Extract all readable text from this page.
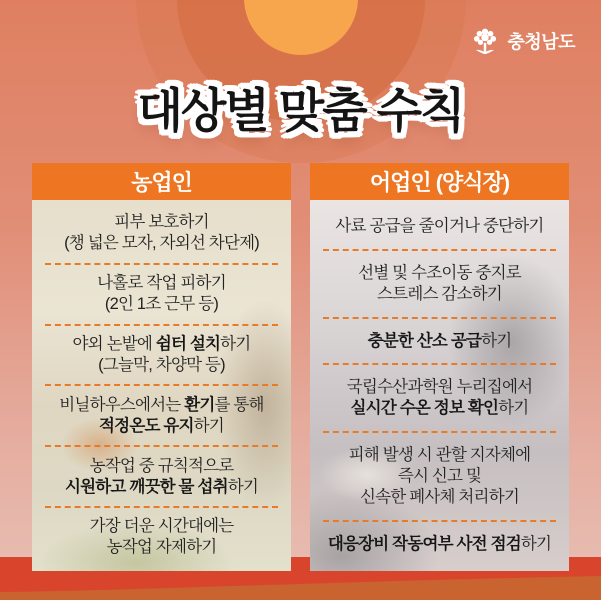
충청남도
대상별 맞춤 수칙
농업인
피부 보호하기
(챙 넓은 모자, 자외선 차단제)
나홀로 작업 피하기
(2인 1조 근무 등)
야외 논밭에 쉼터 설치하기
(그늘막, 차양막 등)
비닐하우스에서는 환기를 통해
적정온도 유지하기
농작업 중 규칙적으로
시원하고 깨끗한 물 섭취하기
가장 더운 시간대에는
농작업 자제하기
어업인 (양식장)
사료 공급을 줄이거나 중단하기
선별 및 수조이동 중지로
스트레스 감소하기
충분한 산소 공급하기
국립수산과학원 누리집에서
실시간 수온 정보 확인하기
피해 발생 시 관할 지자체에
즉시 신고 및
신속한 폐사체 처리하기
대응장비 작동여부 사전 점검하기
